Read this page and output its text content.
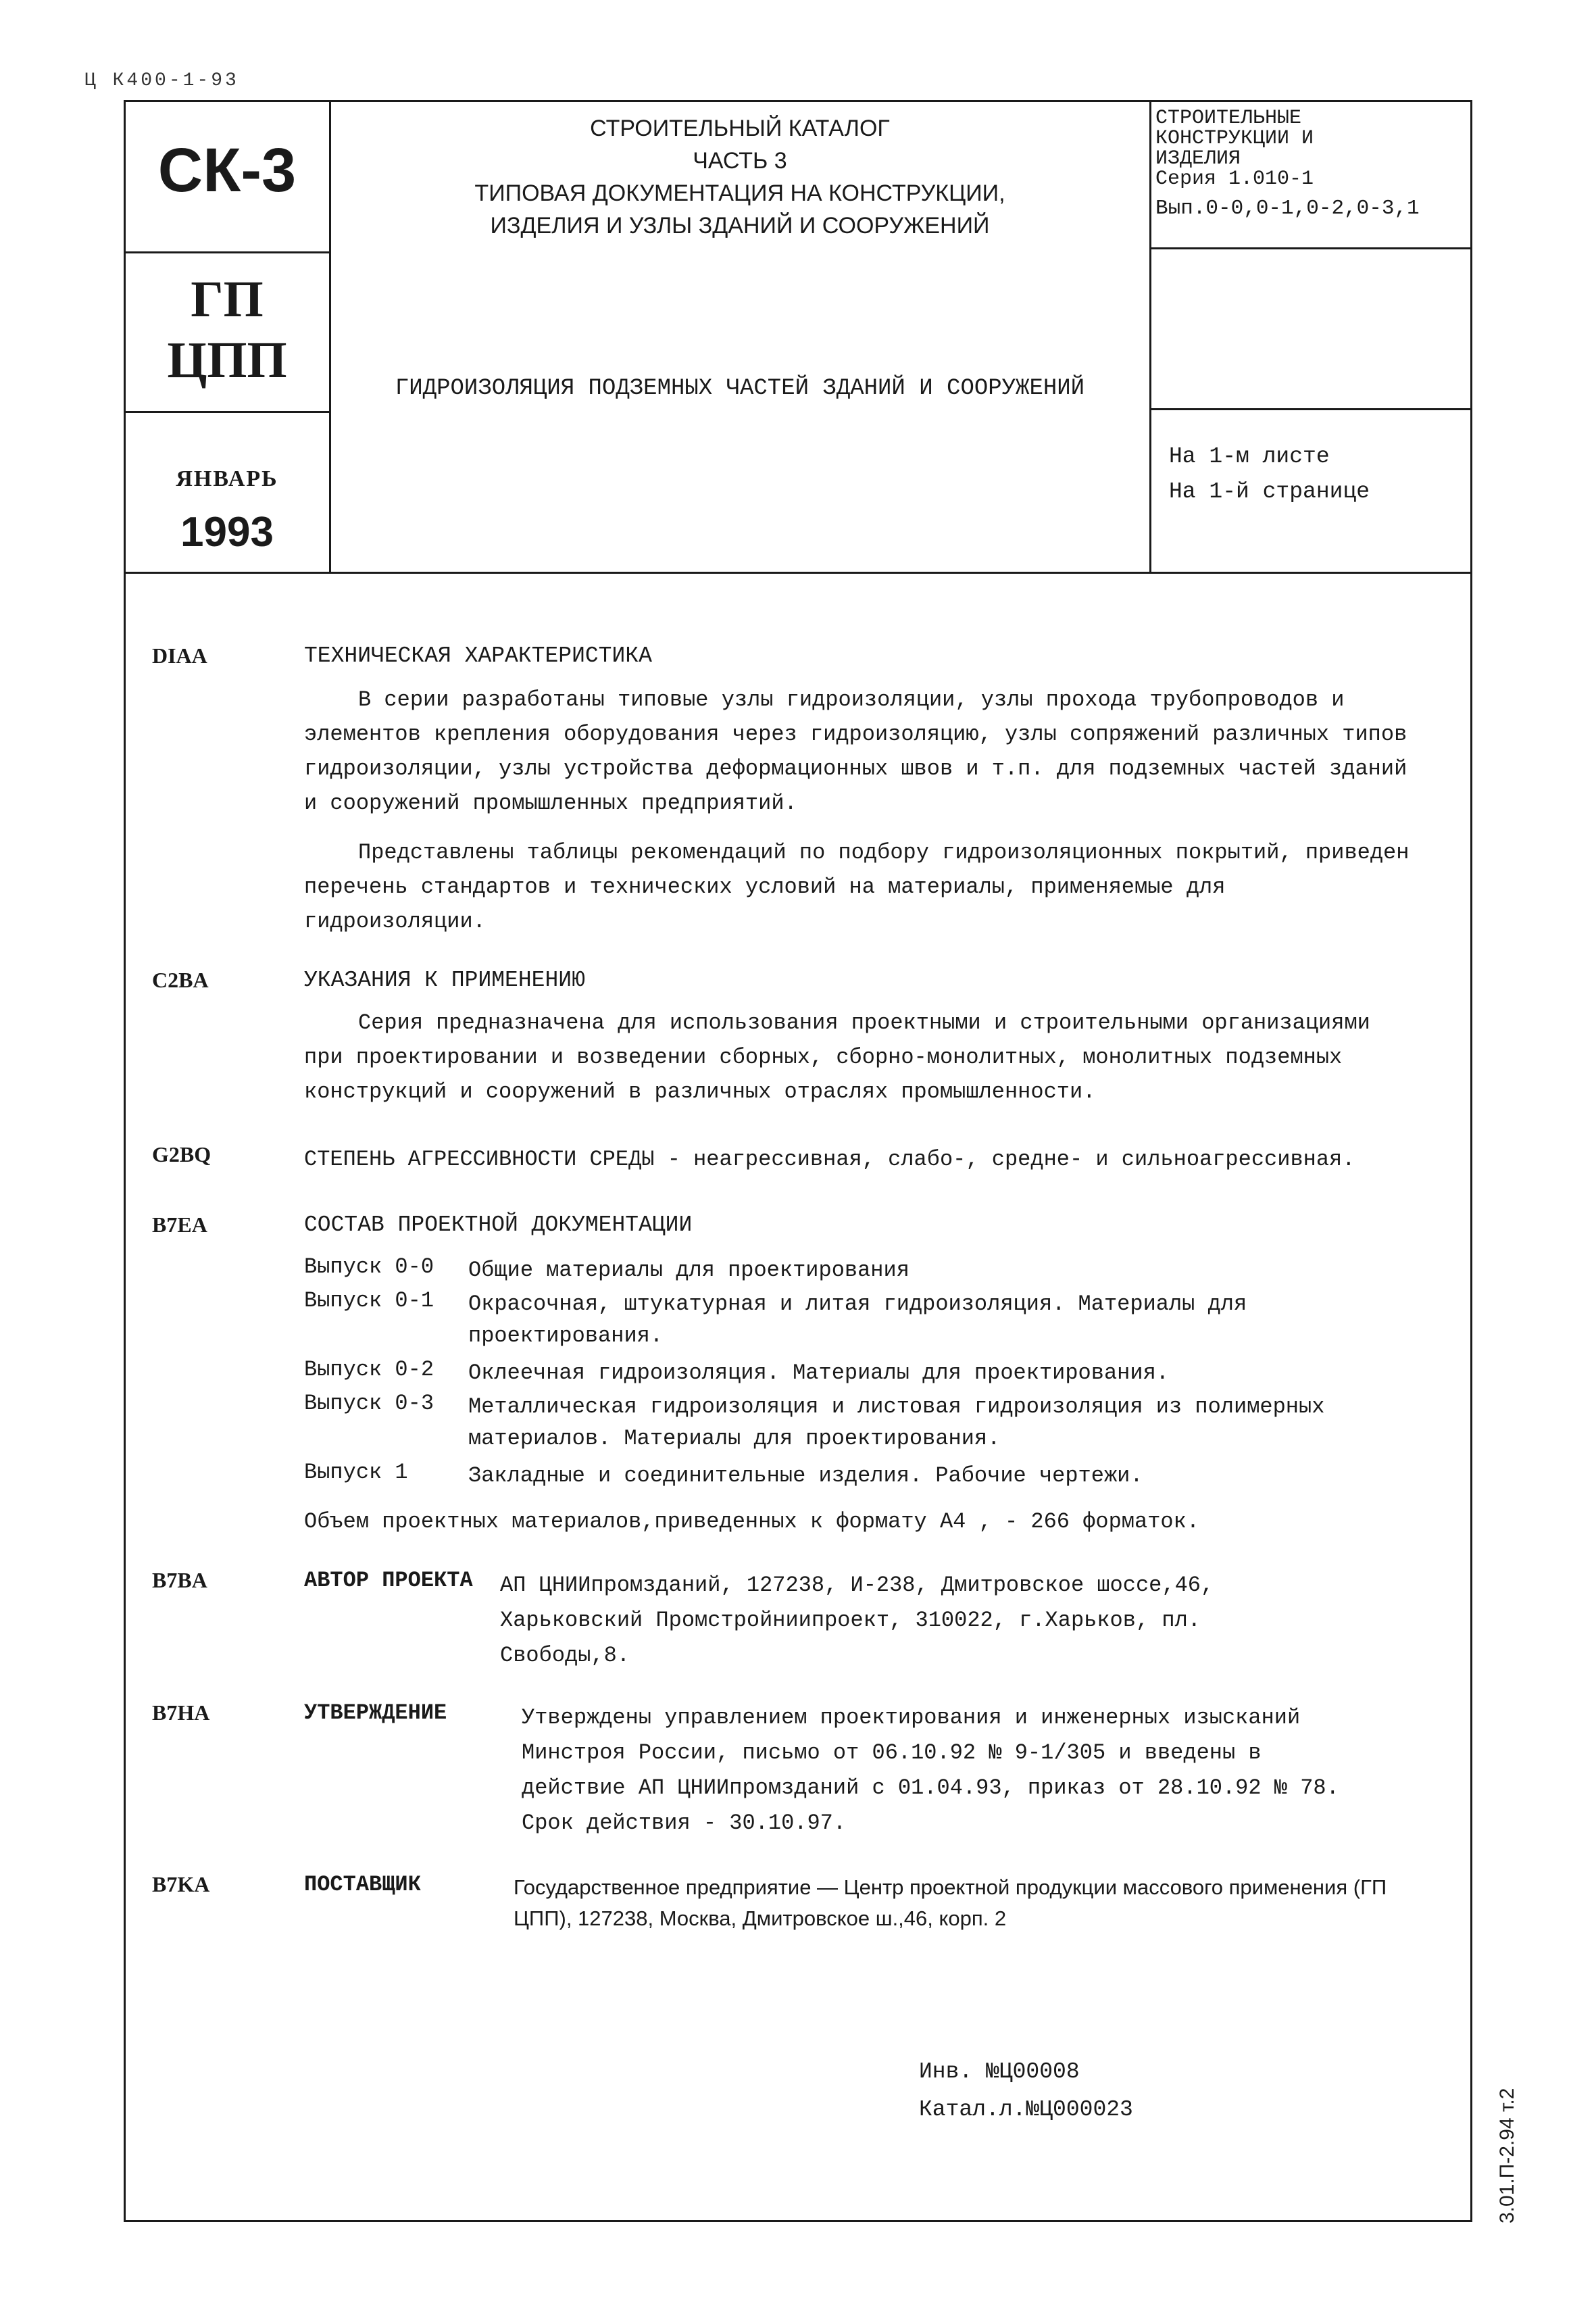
Ц К400-1-93
СК-3
ГП
ЦПП
ЯНВАРЬ
1993
СТРОИТЕЛЬНЫЙ КАТАЛОГ
ЧАСТЬ 3
ТИПОВАЯ ДОКУМЕНТАЦИЯ НА КОНСТРУКЦИИ,
ИЗДЕЛИЯ И УЗЛЫ ЗДАНИЙ И СООРУЖЕНИЙ
ГИДРОИЗОЛЯЦИЯ ПОДЗЕМНЫХ ЧАСТЕЙ ЗДАНИЙ И СООРУЖЕНИЙ
СТРОИТЕЛЬНЫЕ
КОНСТРУКЦИИ И
ИЗДЕЛИЯ
Серия 1.010-1
Вып.0-0,0-1,0-2,0-3,1
На 1-м листе
На 1-й странице
DIAA	ТЕХНИЧЕСКАЯ ХАРАКТЕРИСТИКА
В серии разработаны типовые узлы гидроизоляции, узлы прохода трубопроводов и элементов крепления оборудования через гидроизоляцию, узлы сопряжений различных типов гидроизоляции, узлы устройства деформационных швов и т.п. для подземных частей зданий и сооружений промышленных предприятий.
Представлены таблицы рекомендаций по подбору гидроизоляционных покрытий, приведен перечень стандартов и технических условий на материалы, применяемые для гидроизоляции.
C2BA	УКАЗАНИЯ К ПРИМЕНЕНИЮ
Серия предназначена для использования проектными и строительными организациями при проектировании и возведении сборных, сборно-монолитных, монолитных подземных конструкций и сооружений в различных отраслях промышленности.
G2BQ	СТЕПЕНЬ АГРЕССИВНОСТИ СРЕДЫ - неагрессивная, слабо-, средне- и сильноагрессивная.
B7EA	СОСТАВ ПРОЕКТНОЙ ДОКУМЕНТАЦИИ
Выпуск 0-0	Общие материалы для проектирования
Выпуск 0-1	Окрасочная, штукатурная и литая гидроизоляция. Материалы для проектирования.
Выпуск 0-2	Оклеечная гидроизоляция. Материалы для проектирования.
Выпуск 0-3	Металлическая гидроизоляция и листовая гидроизоляция из полимерных материалов. Материалы для проектирования.
Выпуск 1	Закладные и соединительные изделия. Рабочие чертежи.
Объем проектных материалов,приведенных к формату А4 , - 266 форматок.
B7BA	АВТОР ПРОЕКТА	АП ЦНИИпромзданий, 127238, И-238, Дмитровское шоссе,46, Харьковский Промстройниипроект, 310022, г.Харьков, пл. Свободы,8.
B7HA	УТВЕРЖДЕНИЕ	Утверждены управлением проектирования и инженерных изысканий Минстроя России, письмо от 06.10.92 № 9-1/305 и введены в действие АП ЦНИИпромзданий с 01.04.93, приказ от 28.10.92 № 78. Срок действия - 30.10.97.
B7KA	ПОСТАВЩИК	Государственное предприятие — Центр проектной продукции массового применения (ГП ЦПП), 127238, Москва, Дмитровское ш.,46, корп. 2
Инв. №Ц00008
Катал.л.№Ц000023	3.01.П-2.94 т.2
